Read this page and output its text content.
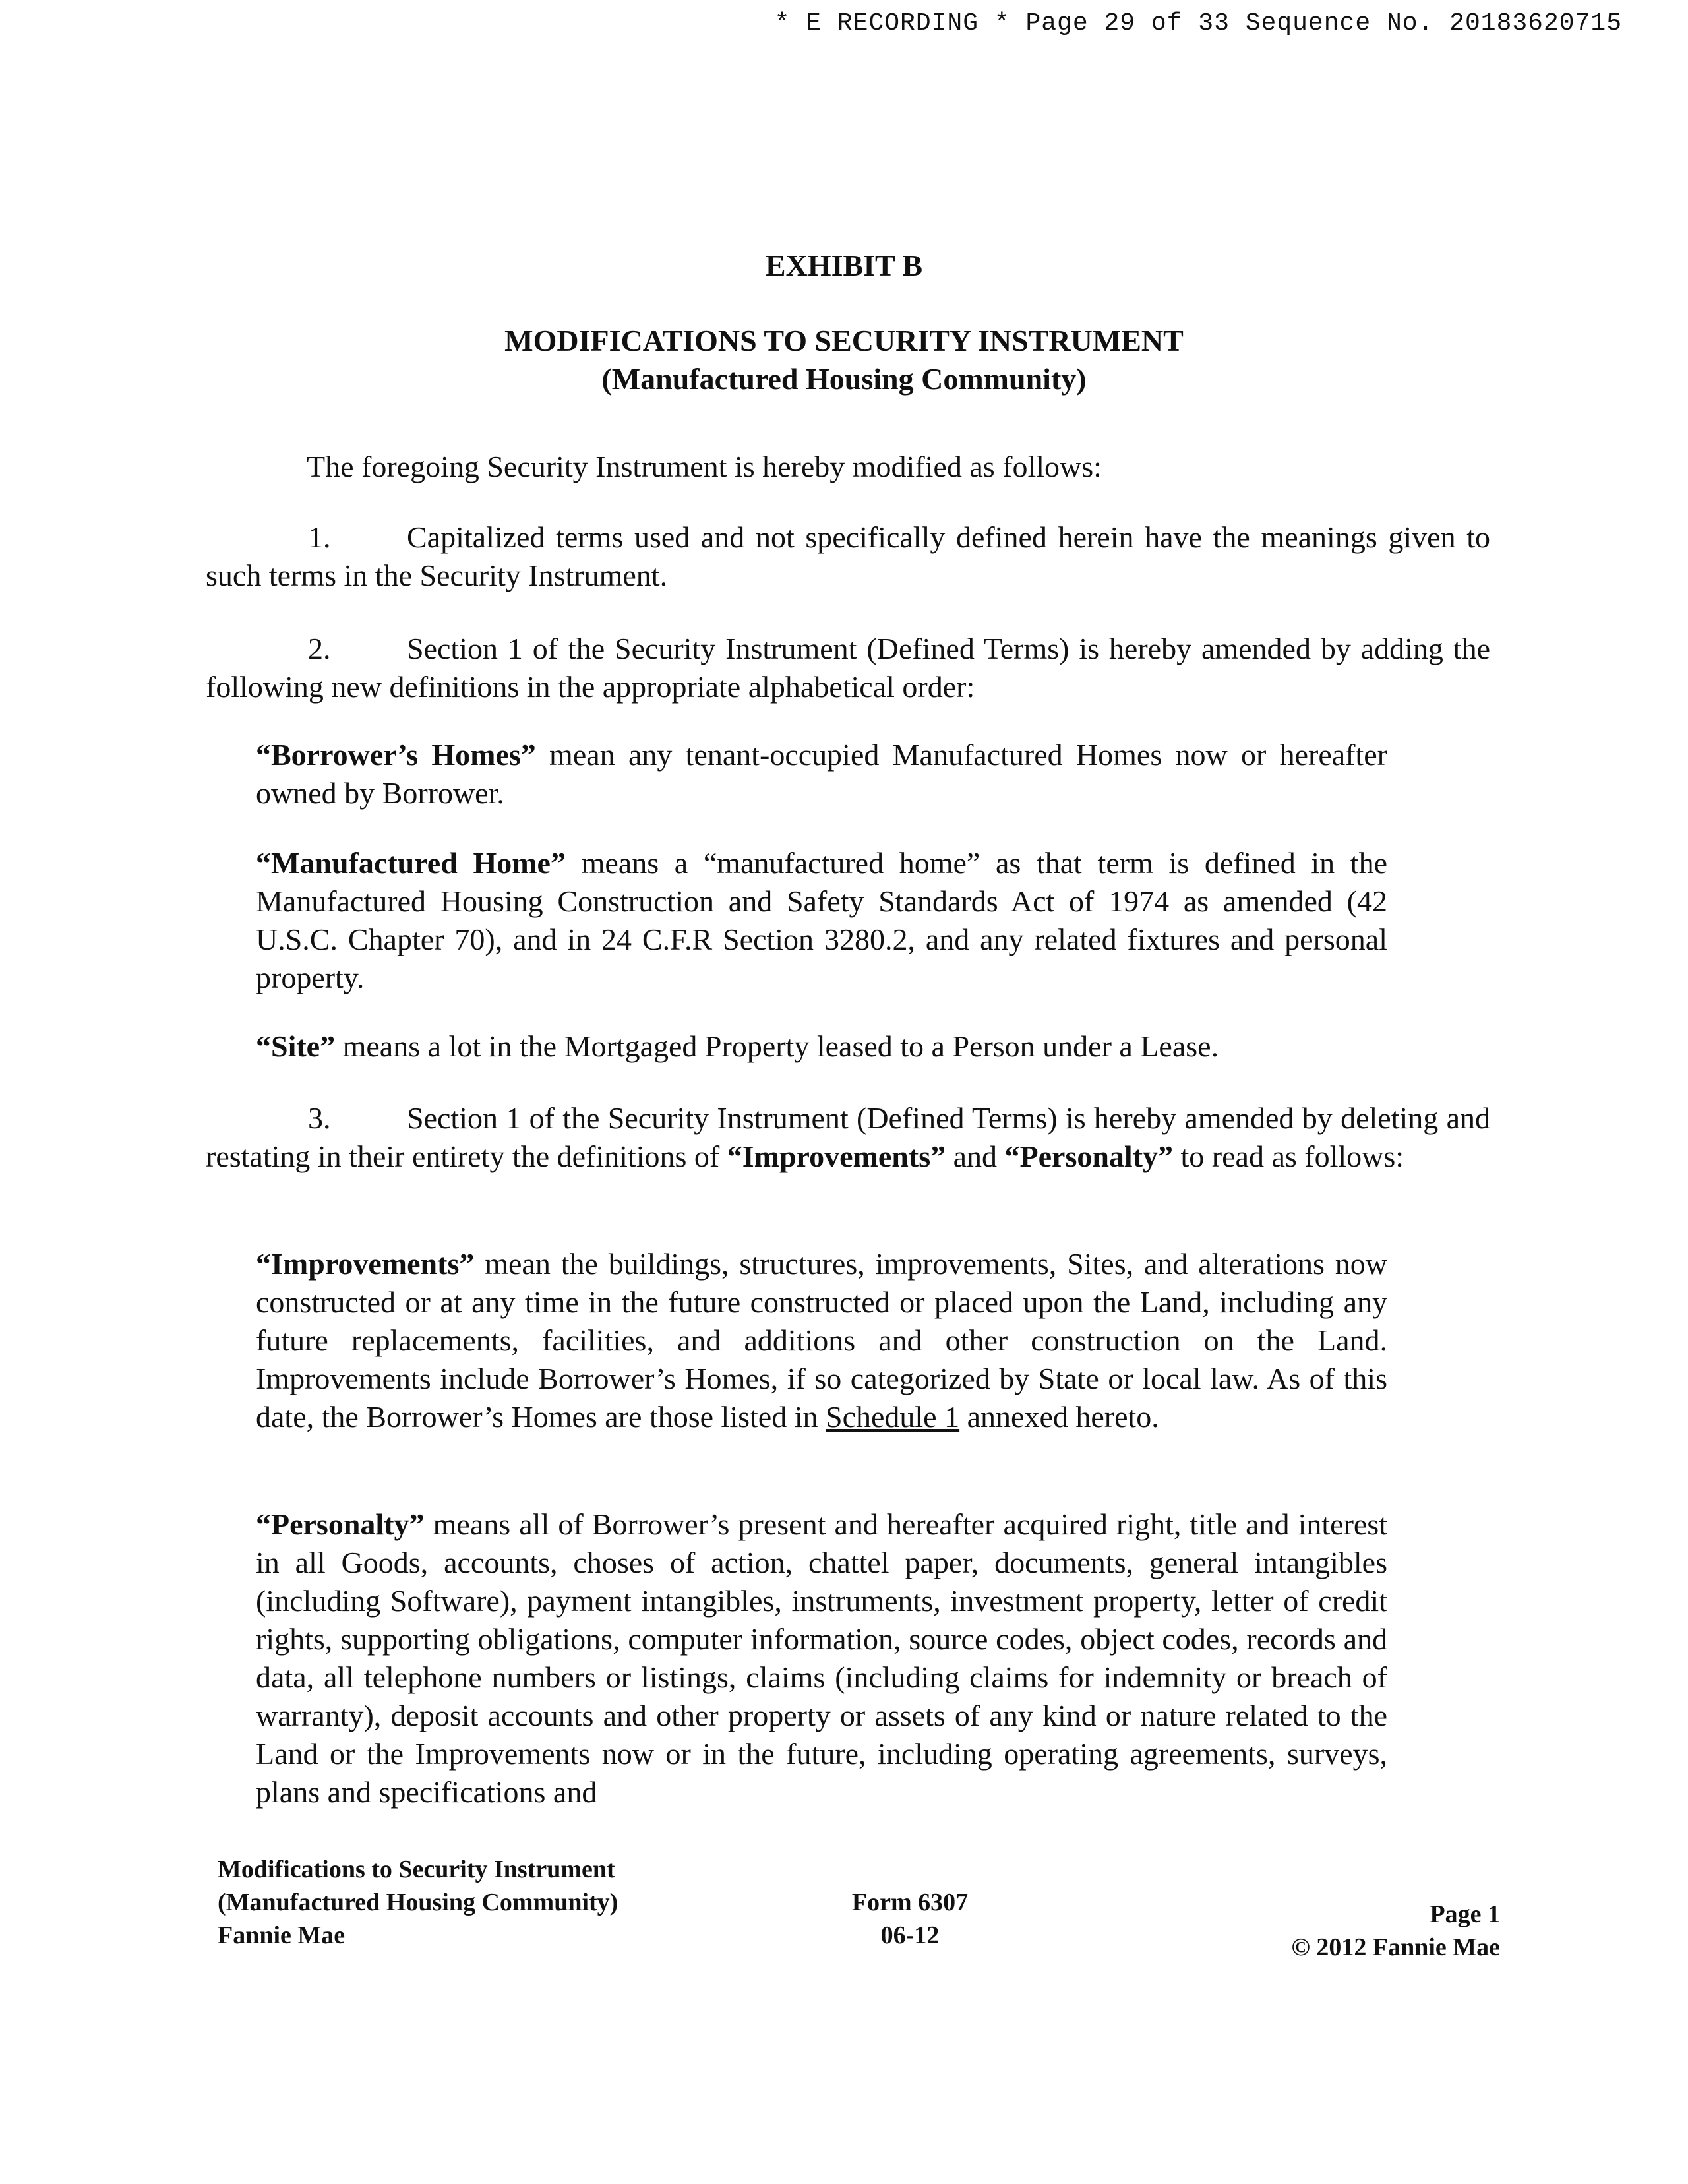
* E RECORDING * Page 29 of 33 Sequence No. 20183620715
EXHIBIT B
MODIFICATIONS TO SECURITY INSTRUMENT
(Manufactured Housing Community)
The foregoing Security Instrument is hereby modified as follows:
1.	Capitalized terms used and not specifically defined herein have the meanings given to such terms in the Security Instrument.
2.	Section 1 of the Security Instrument (Defined Terms) is hereby amended by adding the following new definitions in the appropriate alphabetical order:
“Borrower’s Homes” mean any tenant-occupied Manufactured Homes now or hereafter owned by Borrower.
“Manufactured Home” means a “manufactured home” as that term is defined in the Manufactured Housing Construction and Safety Standards Act of 1974 as amended (42 U.S.C. Chapter 70), and in 24 C.F.R Section 3280.2, and any related fixtures and personal property.
“Site” means a lot in the Mortgaged Property leased to a Person under a Lease.
3.	Section 1 of the Security Instrument (Defined Terms) is hereby amended by deleting and restating in their entirety the definitions of “Improvements” and “Personalty” to read as follows:
“Improvements” mean the buildings, structures, improvements, Sites, and alterations now constructed or at any time in the future constructed or placed upon the Land, including any future replacements, facilities, and additions and other construction on the Land. Improvements include Borrower’s Homes, if so categorized by State or local law. As of this date, the Borrower’s Homes are those listed in Schedule 1 annexed hereto.
“Personalty” means all of Borrower’s present and hereafter acquired right, title and interest in all Goods, accounts, choses of action, chattel paper, documents, general intangibles (including Software), payment intangibles, instruments, investment property, letter of credit rights, supporting obligations, computer information, source codes, object codes, records and data, all telephone numbers or listings, claims (including claims for indemnity or breach of warranty), deposit accounts and other property or assets of any kind or nature related to the Land or the Improvements now or in the future, including operating agreements, surveys, plans and specifications and
Modifications to Security Instrument
(Manufactured Housing Community)
Fannie Mae
Form 6307
06-12
Page 1
© 2012 Fannie Mae
